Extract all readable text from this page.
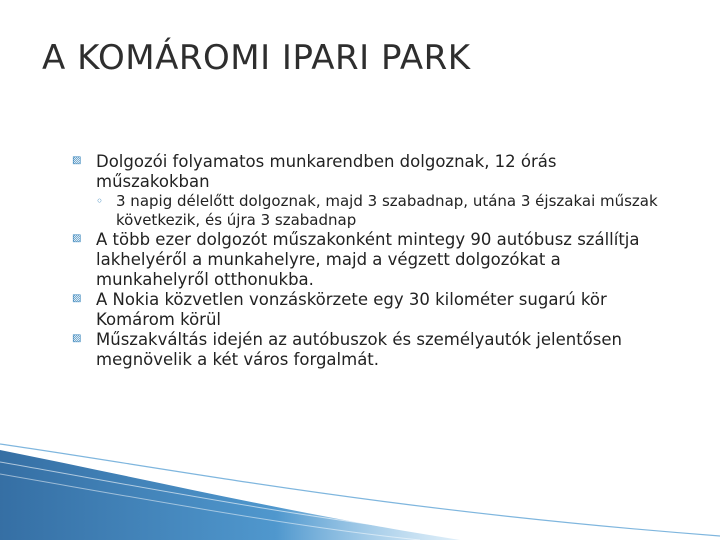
A KOMÁROMI IPARI PARK
▨ Dolgozói folyamatos munkarendben dolgoznak, 12 órás műszakokban
◦ 3 napig délelőtt dolgoznak, majd 3 szabadnap, utána 3 éjszakai műszak következik, és újra 3 szabadnap
▨ A több ezer dolgozót műszakonként mintegy 90 autóbusz szállítja lakhelyéről a munkahelyre, majd a végzett dolgozókat a munkahelyről otthonukba.
▨ A Nokia közvetlen vonzáskörzete egy 30 kilométer sugarú kör Komárom körül
▨ Műszakváltás idején az autóbuszok és személyautók jelentősen megnövelik a két város forgalmát.
